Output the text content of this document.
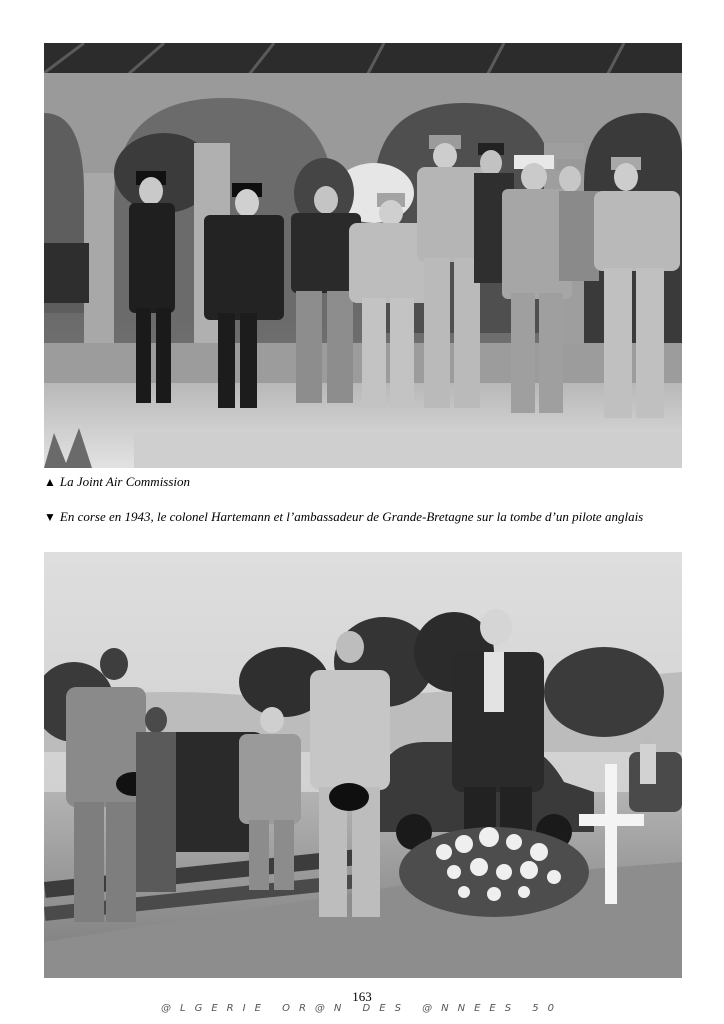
▲ La Joint Air Commission
▼ En corse en 1943, le colonel Hartemann et l’ambassadeur de Grande-Bretagne sur la tombe d’un pilote anglais
163
@LGERIE OR@N DES @NNEES 50
